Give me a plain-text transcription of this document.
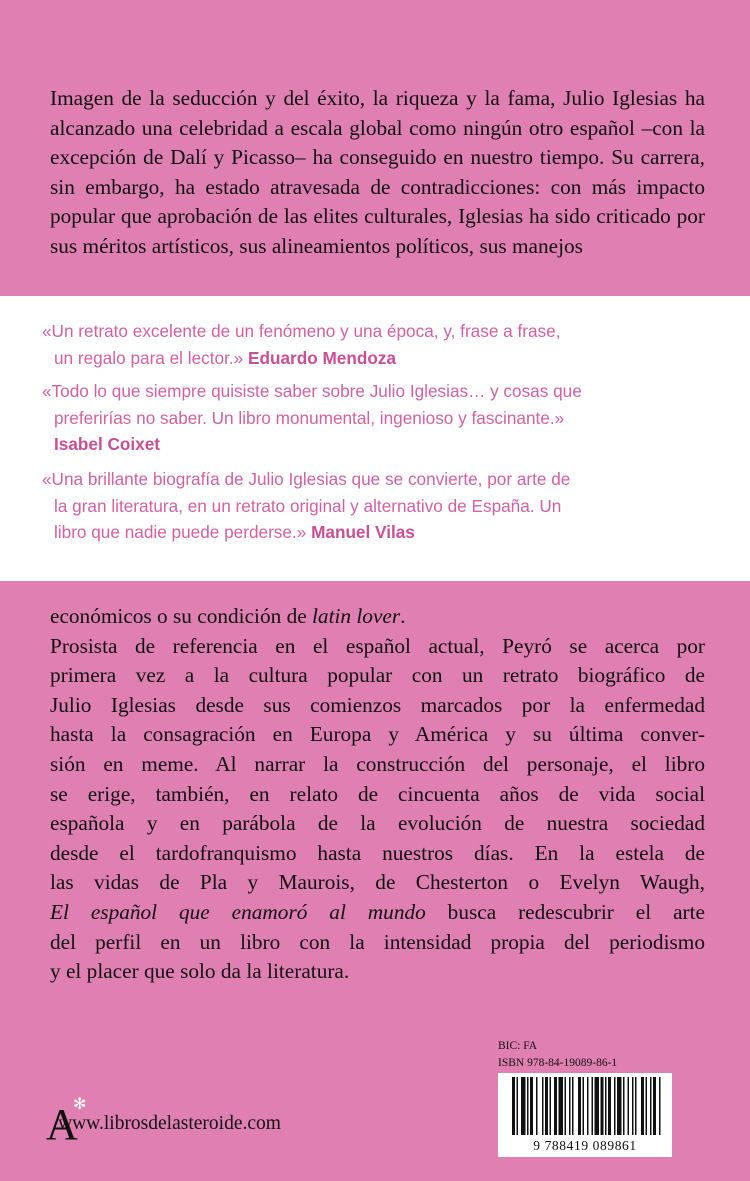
Imagen de la seducción y del éxito, la riqueza y la fama, Julio Iglesias ha alcanzado una celebridad a escala global como ningún otro español –con la excepción de Dalí y Picasso– ha conseguido en nuestro tiempo. Su carrera, sin embargo, ha estado atravesada de contradicciones: con más impacto popular que aprobación de las elites culturales, Iglesias ha sido criticado por sus méritos artísticos, sus alineamientos políticos, sus manejos

«Un retrato excelente de un fenómeno y una época, y, frase a frase,
un regalo para el lector.» Eduardo Mendoza

«Todo lo que siempre quisiste saber sobre Julio Iglesias… y cosas que
preferirías no saber. Un libro monumental, ingenioso y fascinante.»
Isabel Coixet

«Una brillante biografía de Julio Iglesias que se convierte, por arte de
la gran literatura, en un retrato original y alternativo de España. Un
libro que nadie puede perderse.» Manuel Vilas

económicos o su condición de latin lover.
Prosista de referencia en el español actual, Peyró se acerca por
primera vez a la cultura popular con un retrato biográfico de
Julio Iglesias desde sus comienzos marcados por la enfermedad
hasta la consagración en Europa y América y su última conver-
sión en meme. Al narrar la construcción del personaje, el libro
se erige, también, en relato de cincuenta años de vida social
española y en parábola de la evolución de nuestra sociedad
desde el tardofranquismo hasta nuestros días. En la estela de
las vidas de Pla y Maurois, de Chesterton o Evelyn Waugh,
El español que enamoró al mundo busca redescubrir el arte
del perfil en un libro con la intensidad propia del periodismo
y el placer que solo da la literatura.
BIC: FA
ISBN 978-84-19089-86-1
9 788419 089861
A
✻
www.librosdelasteroide.com
